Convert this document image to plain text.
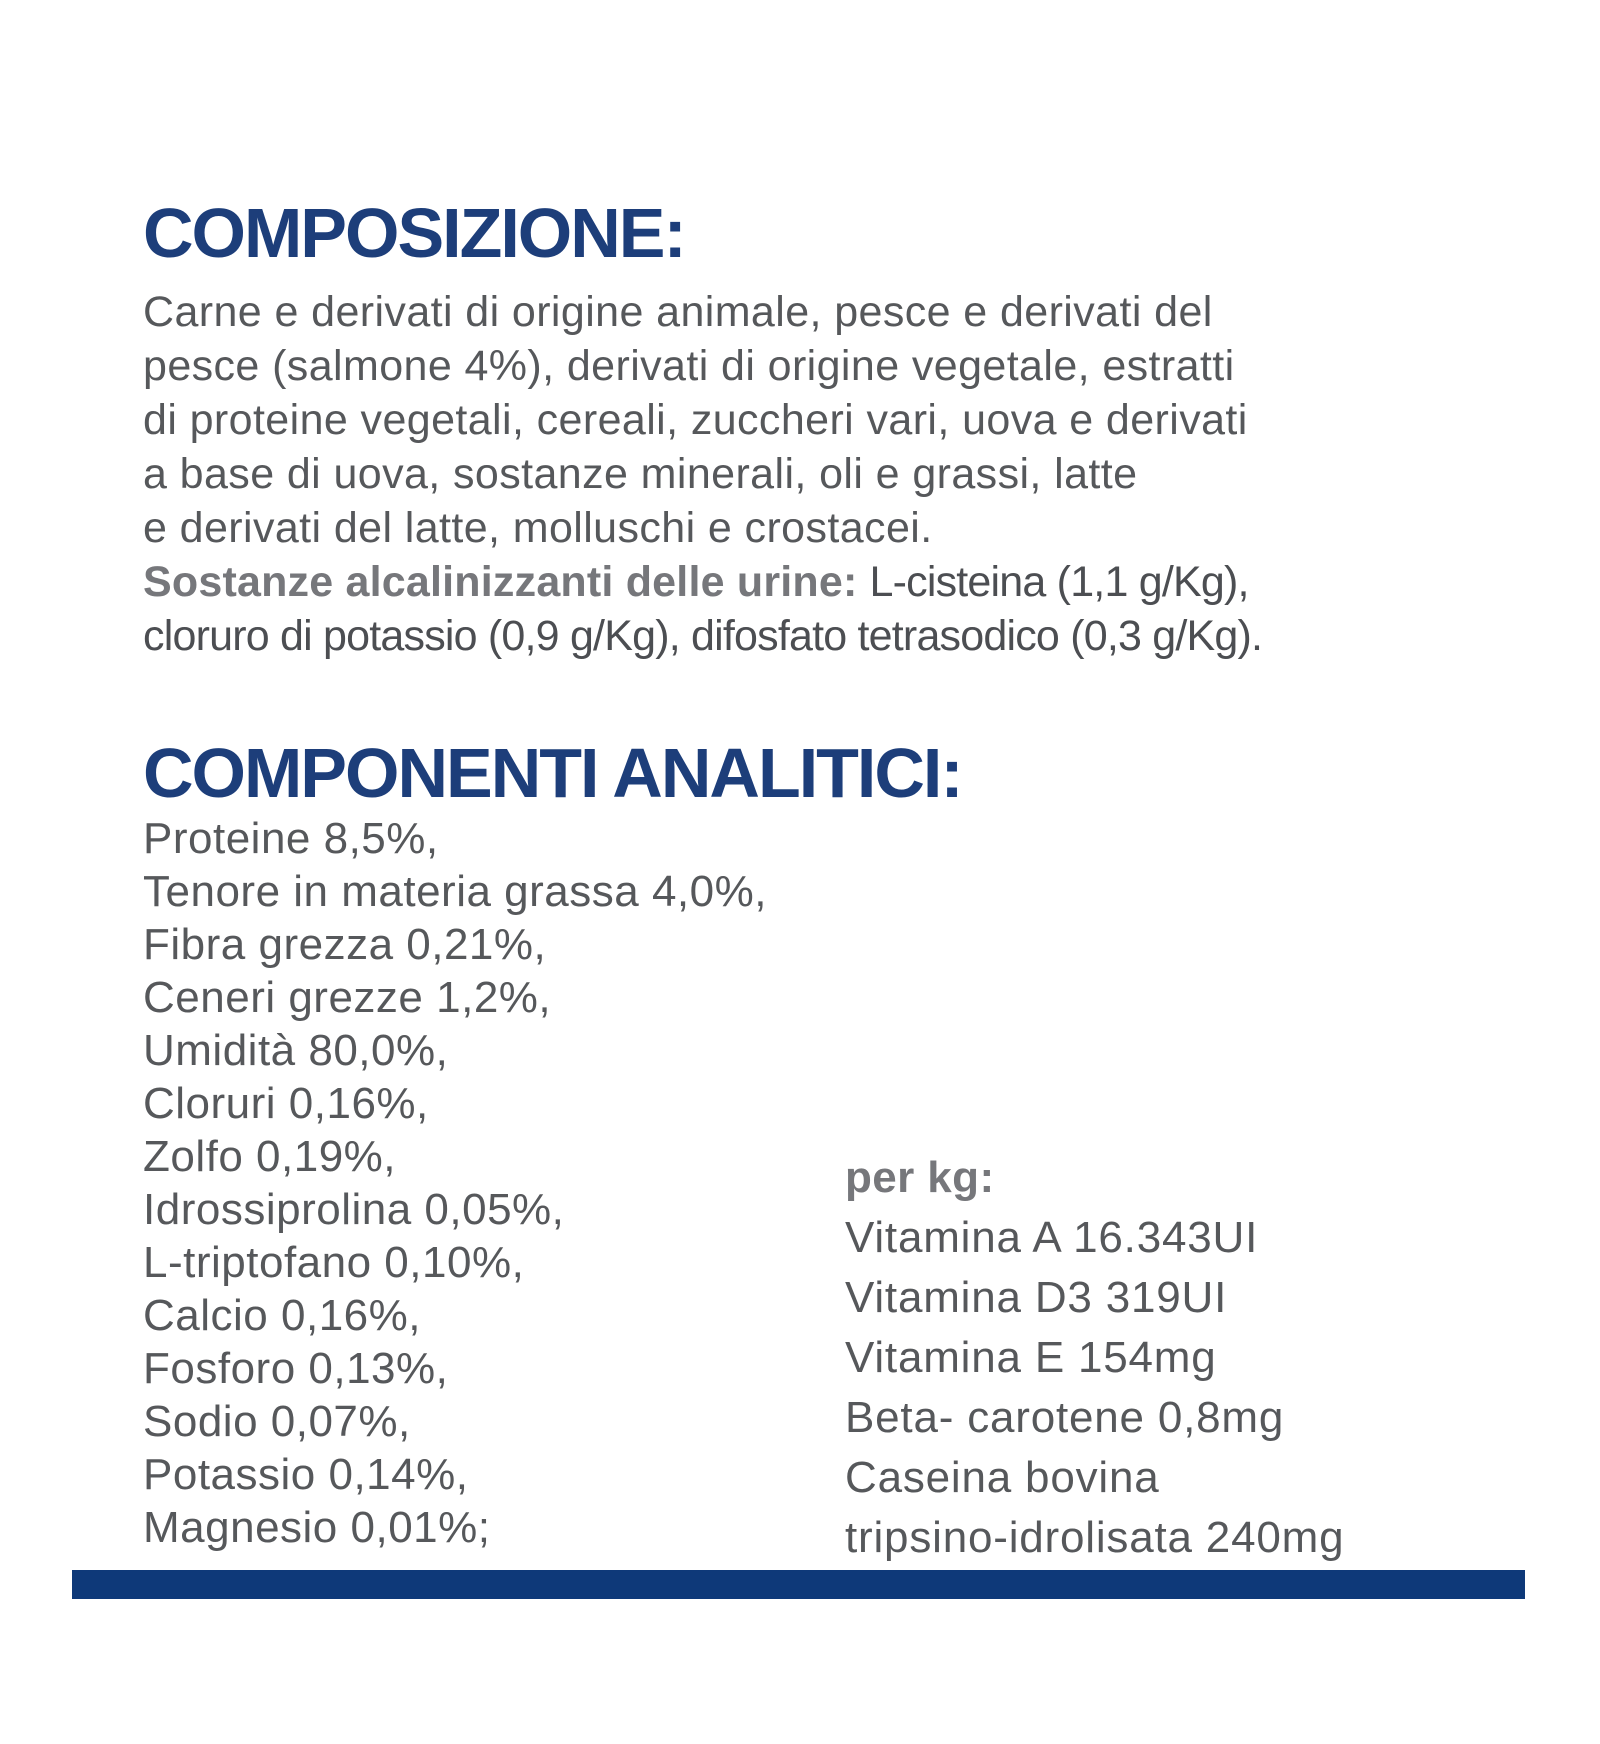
COMPOSIZIONE:
Carne e derivati di origine animale, pesce e derivati del
pesce (salmone 4%), derivati di origine vegetale, estratti
di proteine vegetali, cereali, zuccheri vari, uova e derivati
a base di uova, sostanze minerali, oli e grassi, latte
e derivati del latte, molluschi e crostacei.
Sostanze alcalinizzanti delle urine: L-cisteina (1,1 g/Kg),
cloruro di potassio (0,9 g/Kg), difosfato tetrasodico (0,3 g/Kg).
COMPONENTI ANALITICI:
Proteine 8,5%,
Tenore in materia grassa 4,0%,
Fibra grezza 0,21%,
Ceneri grezze 1,2%,
Umidità 80,0%,
Cloruri 0,16%,
Zolfo 0,19%,
Idrossiprolina 0,05%,
L-triptofano 0,10%,
Calcio 0,16%,
Fosforo 0,13%,
Sodio 0,07%,
Potassio 0,14%,
Magnesio 0,01%;
per kg:
Vitamina A 16.343UI
Vitamina D3 319UI
Vitamina E 154mg
Beta- carotene 0,8mg
Caseina bovina
tripsino-idrolisata 240mg
